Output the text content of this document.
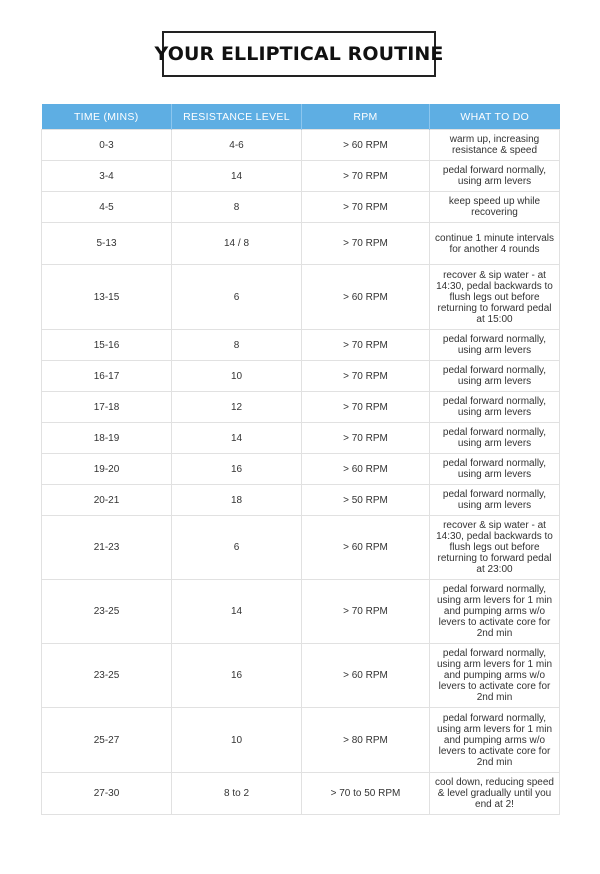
YOUR ELLIPTICAL ROUTINE
TIME (MINS)	RESISTANCE LEVEL	RPM	WHAT TO DO
0-3	4-6	> 60 RPM	warm up, increasing resistance & speed
3-4	14	> 70 RPM	pedal forward normally, using arm levers
4-5	8	> 70 RPM	keep speed up while recovering
5-13	14 / 8	> 70 RPM	continue 1 minute intervals for another 4 rounds
13-15	6	> 60 RPM	recover & sip water - at 14:30, pedal backwards to flush legs out before returning to forward pedal at 15:00
15-16	8	> 70 RPM	pedal forward normally, using arm levers
16-17	10	> 70 RPM	pedal forward normally, using arm levers
17-18	12	> 70 RPM	pedal forward normally, using arm levers
18-19	14	> 70 RPM	pedal forward normally, using arm levers
19-20	16	> 60 RPM	pedal forward normally, using arm levers
20-21	18	> 50 RPM	pedal forward normally, using arm levers
21-23	6	> 60 RPM	recover & sip water - at 14:30, pedal backwards to flush legs out before returning to forward pedal at 23:00
23-25	14	> 70 RPM	pedal forward normally, using arm levers for 1 min and pumping arms w/o levers to activate core for 2nd min
23-25	16	> 60 RPM	pedal forward normally, using arm levers for 1 min and pumping arms w/o levers to activate core for 2nd min
25-27	10	> 80 RPM	pedal forward normally, using arm levers for 1 min and pumping arms w/o levers to activate core for 2nd min
27-30	8 to 2	> 70 to 50 RPM	cool down, reducing speed & level gradually until you end at 2!
